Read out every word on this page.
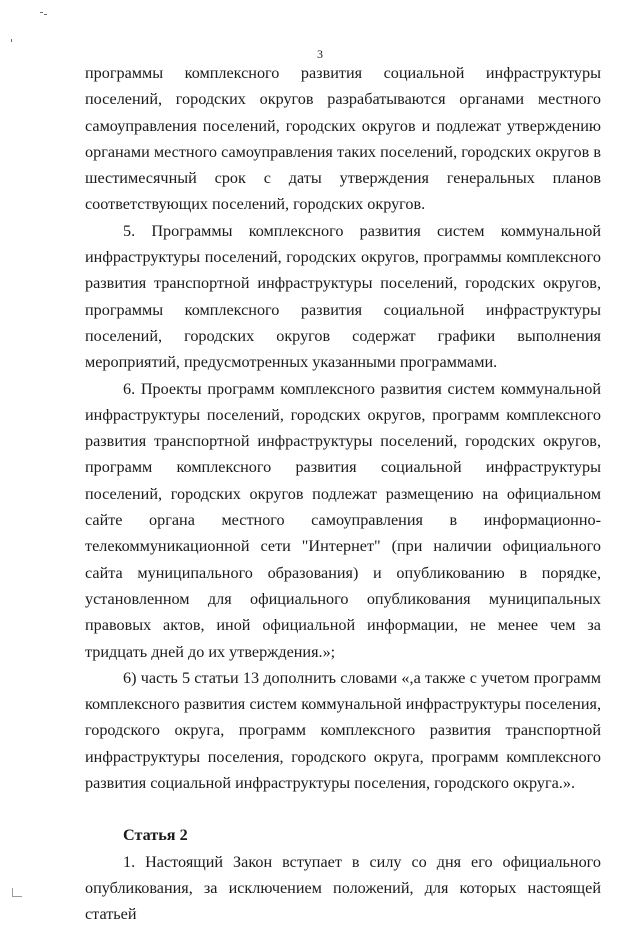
3

программы комплексного развития социальной инфраструктуры поселений, городских округов разрабатываются органами местного самоуправления поселений, городских округов и подлежат утверждению органами местного самоуправления таких поселений, городских округов в шестимесячный срок с даты утверждения генеральных планов соответствующих поселений, городских округов.

5. Программы комплексного развития систем коммунальной инфраструктуры поселений, городских округов, программы комплексного развития транспортной инфраструктуры поселений, городских округов, программы комплексного развития социальной инфраструктуры поселений, городских округов содержат графики выполнения мероприятий, предусмотренных указанными программами.

6. Проекты программ комплексного развития систем коммунальной инфраструктуры поселений, городских округов, программ комплексного развития транспортной инфраструктуры поселений, городских округов, программ комплексного развития социальной инфраструктуры поселений, городских округов подлежат размещению на официальном сайте органа местного самоуправления в информационно-телекоммуникационной сети "Интернет" (при наличии официального сайта муниципального образования) и опубликованию в порядке, установленном для официального опубликования муниципальных правовых актов, иной официальной информации, не менее чем за тридцать дней до их утверждения.»;

6) часть 5 статьи 13 дополнить словами «,а также с учетом программ комплексного развития систем коммунальной инфраструктуры поселения, городского округа, программ комплексного развития транспортной инфраструктуры поселения, городского округа, программ комплексного развития социальной инфраструктуры поселения, городского округа.».

Статья 2

1. Настоящий Закон вступает в силу со дня его официального опубликования, за исключением положений, для которых настоящей статьей
